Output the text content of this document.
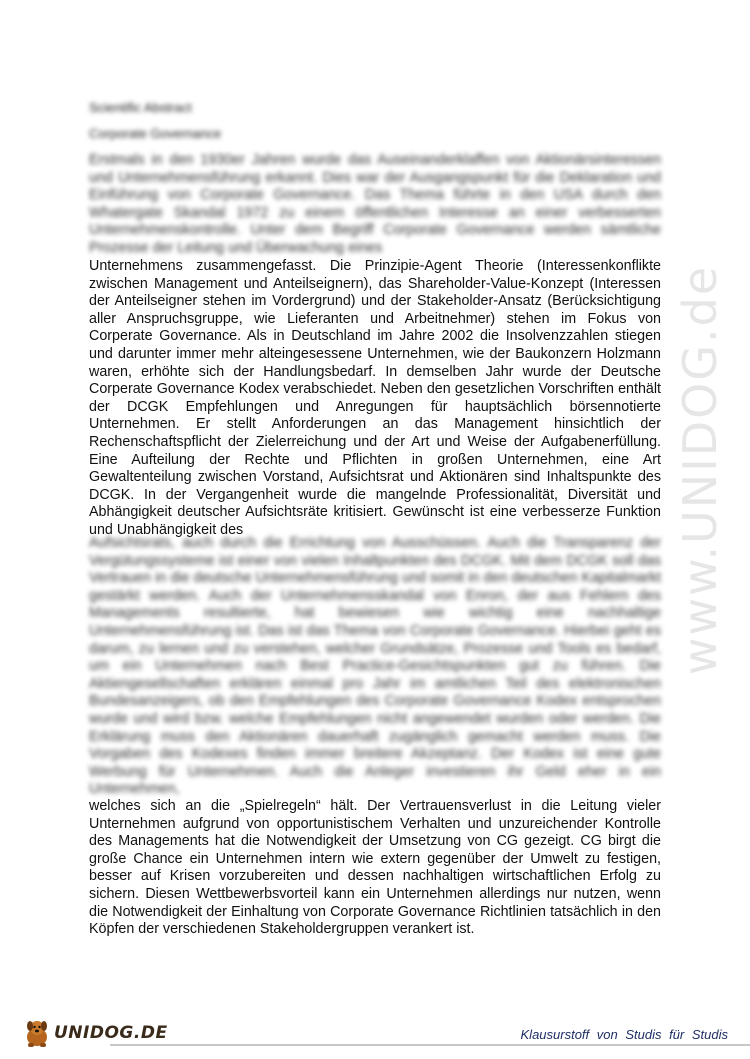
Scientific Abstract
Corporate Governance
Erstmals in den 1930er Jahren wurde das Auseinanderklaffen von Aktionärsinteressen und Unternehmensführung erkannt. Dies war der Ausgangspunkt für die Deklaration und Einführung von Corporate Governance. Das Thema führte in den USA durch den Whatergate Skandal 1972 zu einem öffentlichen Interesse an einer verbesserten Unternehmenskontrolle. Unter dem Begriff Corporate Governance werden sämtliche Prozesse der Leitung und Überwachung eines
Unternehmens zusammengefasst. Die Prinzipie-Agent Theorie (Interessenkonflikte zwischen Management und Anteilseignern), das Shareholder-Value-Konzept (Interessen der Anteilseigner stehen im Vordergrund) und der Stakeholder-Ansatz (Berücksichtigung aller Anspruchsgruppe, wie Lieferanten und Arbeitnehmer) stehen im Fokus von Corperate Governance. Als in Deutschland im Jahre 2002 die Insolvenzzahlen stiegen und darunter immer mehr alteingesessene Unternehmen, wie der Baukonzern Holzmann waren, erhöhte sich der Handlungsbedarf. In demselben Jahr wurde der Deutsche Corperate Governance Kodex verabschiedet. Neben den gesetzlichen Vorschriften enthält der DCGK Empfehlungen und Anregungen für hauptsächlich börsennotierte Unternehmen. Er stellt Anforderungen an das Management hinsichtlich der Rechenschaftspflicht der Zielerreichung und der Art und Weise der Aufgabenerfüllung. Eine Aufteilung der Rechte und Pflichten in großen Unternehmen, eine Art Gewaltenteilung zwischen Vorstand, Aufsichtsrat und Aktionären sind Inhaltspunkte des DCGK. In der Vergangenheit wurde die mangelnde Professionalität, Diversität und Abhängigkeit deutscher Aufsichtsräte kritisiert. Gewünscht ist eine verbesserze Funktion und Unabhängigkeit des
Aufsichtsrats, auch durch die Errichtung von Ausschüssen. Auch die Transparenz der Vergütungssysteme ist einer von vielen Inhaltpunkten des DCGK. Mit dem DCGK soll das Vertrauen in die deutsche Unternehmensführung und somit in den deutschen Kapitalmarkt gestärkt werden. Auch der Unternehmensskandal von Enron, der aus Fehlern des Managements resultierte, hat bewiesen wie wichtig eine nachhaltige Unternehmensführung ist. Das ist das Thema von Corporate Governance. Hierbei geht es darum, zu lernen und zu verstehen, welcher Grundsätze, Prozesse und Tools es bedarf, um ein Unternehmen nach Best Practice-Gesichtspunkten gut zu führen. Die Aktiengesellschaften erklären einmal pro Jahr im amtlichen Teil des elektronischen Bundesanzeigers, ob den Empfehlungen des Corporate Governance Kodex entsprochen wurde und wird bzw. welche Empfehlungen nicht angewendet wurden oder werden. Die Erklärung muss den Aktionären dauerhaft zugänglich gemacht werden muss. Die Vorgaben des Kodexes finden immer breitere Akzeptanz. Der Kodex ist eine gute Werbung für Unternehmen. Auch die Anleger investieren ihr Geld eher in ein Unternehmen,
welches sich an die „Spielregeln“ hält. Der Vertrauensverlust in die Leitung vieler Unternehmen aufgrund von opportunistischem Verhalten und unzureichender Kontrolle des Managements hat die Notwendigkeit der Umsetzung von CG gezeigt. CG birgt die große Chance ein Unternehmen intern wie extern gegenüber der Umwelt zu festigen, besser auf Krisen vorzubereiten und dessen nachhaltigen wirtschaftlichen Erfolg zu sichern. Diesen Wettbewerbsvorteil kann ein Unternehmen allerdings nur nutzen, wenn die Notwendigkeit der Einhaltung von Corporate Governance Richtlinien tatsächlich in den Köpfen der verschiedenen Stakeholdergruppen verankert ist.
www.UNIDOG.de
UNIDOG.DE	Klausurstoff von Studis für Studis
